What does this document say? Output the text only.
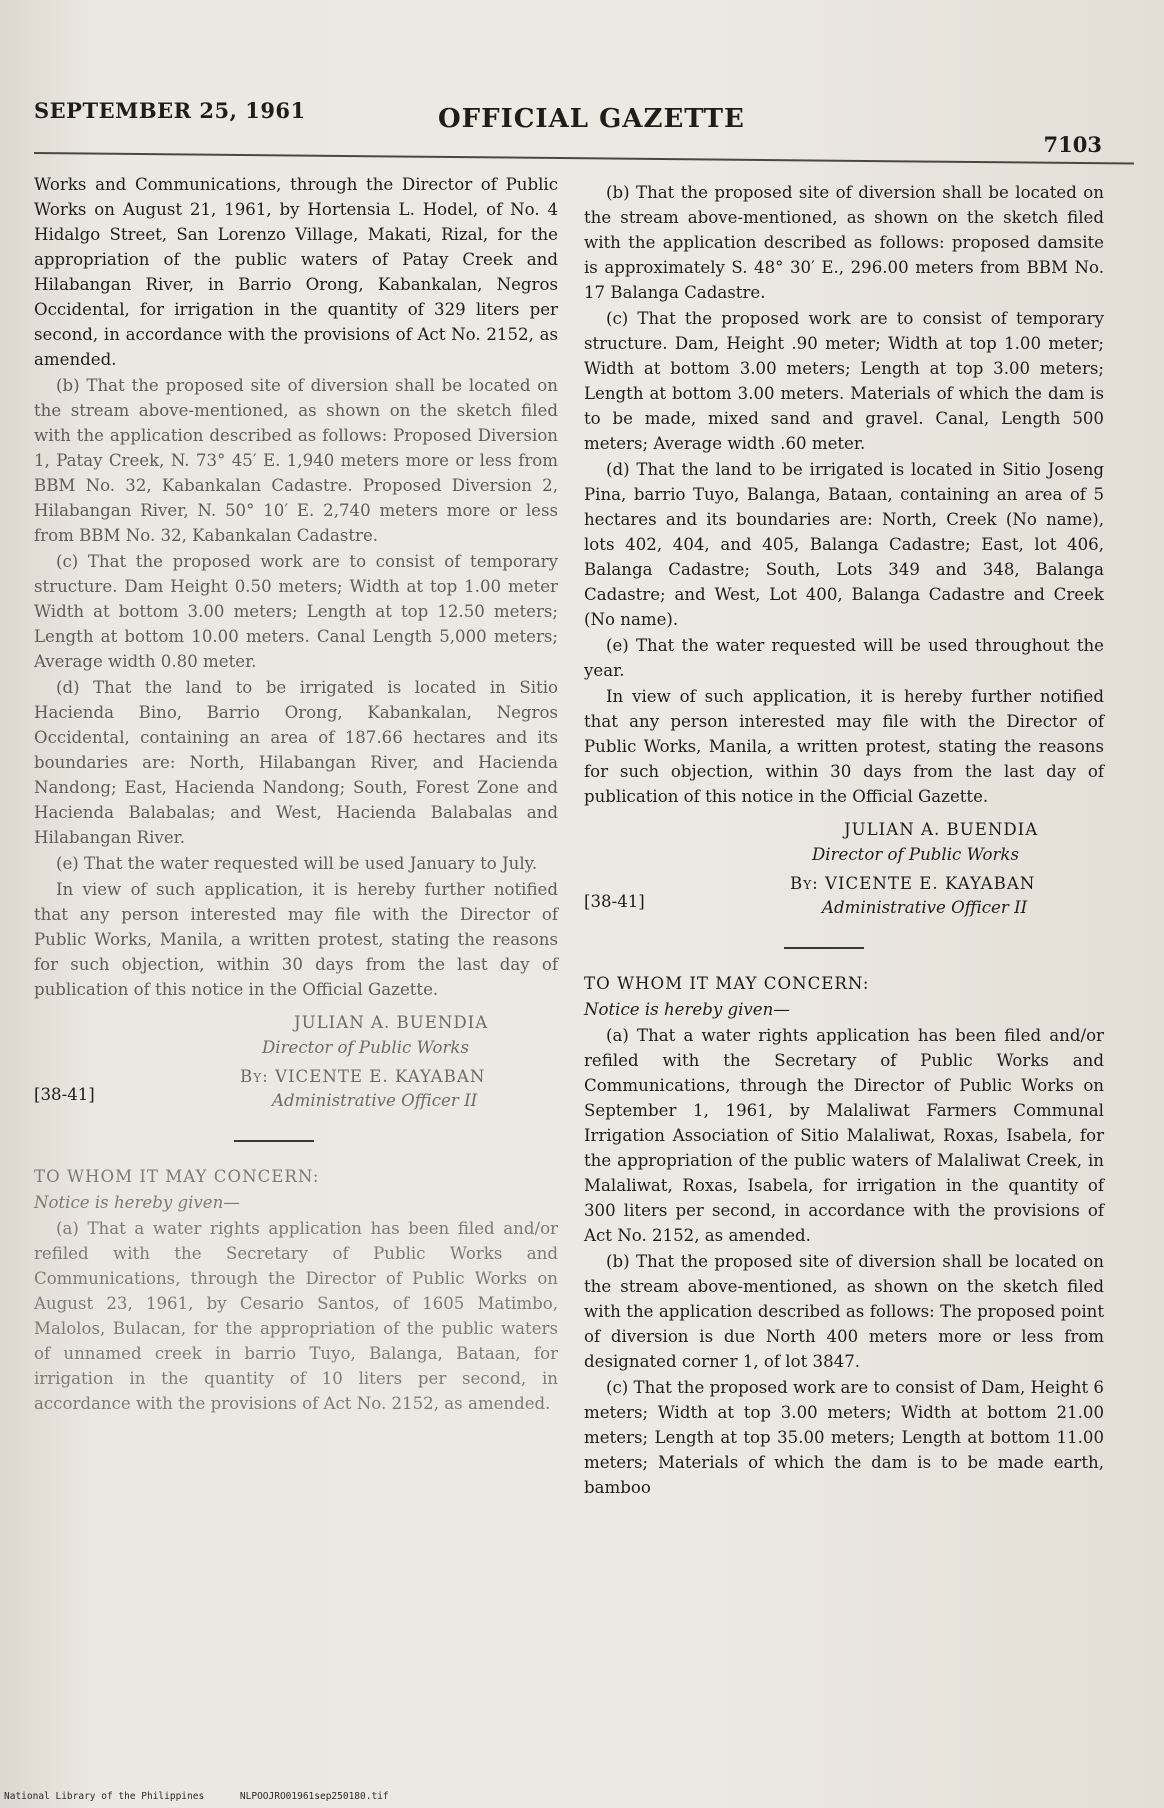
SEPTEMBER 25, 1961	OFFICIAL GAZETTE
7103

Works and Communications, through the Director of Public Works on August 21, 1961, by Hortensia L. Hodel, of No. 4 Hidalgo Street, San Lorenzo Village, Makati, Rizal, for the appropriation of the public waters of Patay Creek and Hilabangan River, in Barrio Orong, Kabankalan, Negros Occidental, for irrigation in the quantity of 329 liters per second, in accordance with the provisions of Act No. 2152, as amended.

(b) That the proposed site of diversion shall be located on the stream above-mentioned, as shown on the sketch filed with the application described as follows: Proposed Diversion 1, Patay Creek, N. 73° 45′ E. 1,940 meters more or less from BBM No. 32, Kabankalan Cadastre. Proposed Diversion 2, Hilabangan River, N. 50° 10′ E. 2,740 meters more or less from BBM No. 32, Kabankalan Cadastre.

(c) That the proposed work are to consist of temporary structure. Dam Height 0.50 meters; Width at top 1.00 meter Width at bottom 3.00 meters; Length at top 12.50 meters; Length at bottom 10.00 meters. Canal Length 5,000 meters; Average width 0.80 meter.

(d) That the land to be irrigated is located in Sitio Hacienda Bino, Barrio Orong, Kabankalan, Negros Occidental, containing an area of 187.66 hectares and its boundaries are: North, Hilabangan River, and Hacienda Nandong; East, Hacienda Nandong; South, Forest Zone and Hacienda Balabalas; and West, Hacienda Balabalas and Hilabangan River.

(e) That the water requested will be used January to July.

In view of such application, it is hereby further notified that any person interested may file with the Director of Public Works, Manila, a written protest, stating the reasons for such objection, within 30 days from the last day of publication of this notice in the Official Gazette.

JULIAN A. BUENDIA
Director of Public Works
By: VICENTE E. KAYABAN
Administrative Officer II
[38-41]

TO WHOM IT MAY CONCERN:

Notice is hereby given—

(a) That a water rights application has been filed and/or refiled with the Secretary of Public Works and Communications, through the Director of Public Works on August 23, 1961, by Cesario Santos, of 1605 Matimbo, Malolos, Bulacan, for the appropriation of the public waters of unnamed creek in barrio Tuyo, Balanga, Bataan, for irrigation in the quantity of 10 liters per second, in accordance with the provisions of Act No. 2152, as amended.

(b) That the proposed site of diversion shall be located on the stream above-mentioned, as shown on the sketch filed with the application described as follows: proposed damsite is approximately S. 48° 30′ E., 296.00 meters from BBM No. 17 Balanga Cadastre.

(c) That the proposed work are to consist of temporary structure. Dam, Height .90 meter; Width at top 1.00 meter; Width at bottom 3.00 meters; Length at top 3.00 meters; Length at bottom 3.00 meters. Materials of which the dam is to be made, mixed sand and gravel. Canal, Length 500 meters; Average width .60 meter.

(d) That the land to be irrigated is located in Sitio Joseng Pina, barrio Tuyo, Balanga, Bataan, containing an area of 5 hectares and its boundaries are: North, Creek (No name), lots 402, 404, and 405, Balanga Cadastre; East, lot 406, Balanga Cadastre; South, Lots 349 and 348, Balanga Cadastre; and West, Lot 400, Balanga Cadastre and Creek (No name).

(e) That the water requested will be used throughout the year.

In view of such application, it is hereby further notified that any person interested may file with the Director of Public Works, Manila, a written protest, stating the reasons for such objection, within 30 days from the last day of publication of this notice in the Official Gazette.

JULIAN A. BUENDIA
Director of Public Works
By: VICENTE E. KAYABAN
Administrative Officer II
[38-41]

TO WHOM IT MAY CONCERN:

Notice is hereby given—

(a) That a water rights application has been filed and/or refiled with the Secretary of Public Works and Communications, through the Director of Public Works on September 1, 1961, by Malaliwat Farmers Communal Irrigation Association of Sitio Malaliwat, Roxas, Isabela, for the appropriation of the public waters of Malaliwat Creek, in Malaliwat, Roxas, Isabela, for irrigation in the quantity of 300 liters per second, in accordance with the provisions of Act No. 2152, as amended.

(b) That the proposed site of diversion shall be located on the stream above-mentioned, as shown on the sketch filed with the application described as follows: The proposed point of diversion is due North 400 meters more or less from designated corner 1, of lot 3847.

(c) That the proposed work are to consist of Dam, Height 6 meters; Width at top 3.00 meters; Width at bottom 21.00 meters; Length at top 35.00 meters; Length at bottom 11.00 meters; Materials of which the dam is to be made earth, bamboo

National Library of the Philippines	NLPOOJRO01961sep250180.tif
